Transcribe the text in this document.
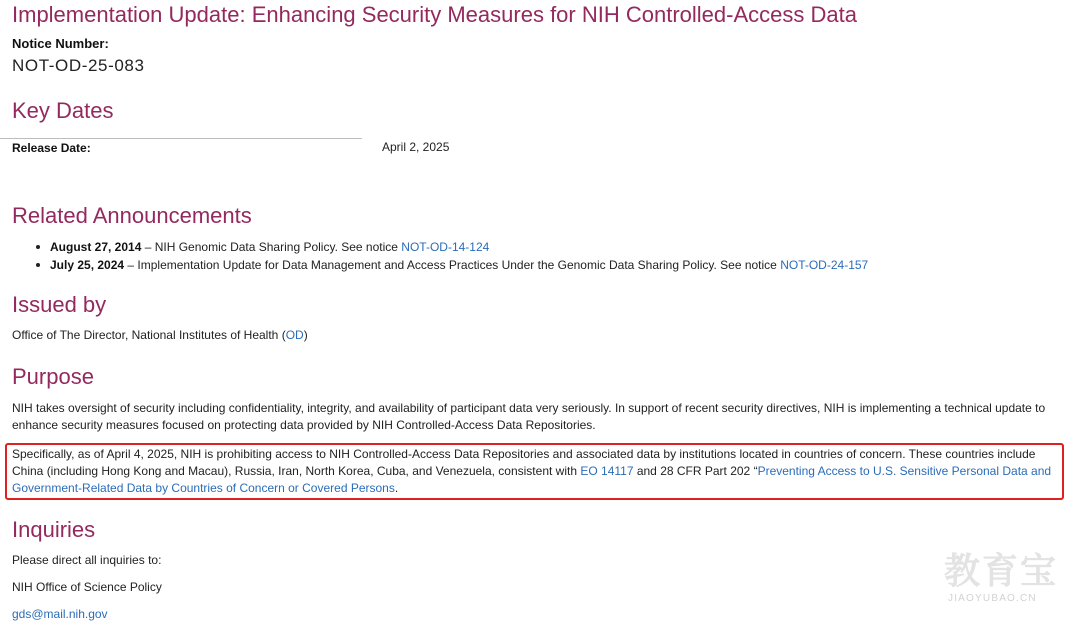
Implementation Update: Enhancing Security Measures for NIH Controlled-Access Data
Notice Number:
NOT-OD-25-083
Key Dates
Release Date:	April 2, 2025
Related Announcements
August 27, 2014 – NIH Genomic Data Sharing Policy. See notice NOT-OD-14-124
July 25, 2024 – Implementation Update for Data Management and Access Practices Under the Genomic Data Sharing Policy. See notice NOT-OD-24-157
Issued by
Office of The Director, National Institutes of Health (OD)
Purpose

NIH takes oversight of security including confidentiality, integrity, and availability of participant data very seriously. In support of recent security directives, NIH is implementing a technical update to enhance security measures focused on protecting data provided by NIH Controlled-Access Data Repositories.

Specifically, as of April 4, 2025, NIH is prohibiting access to NIH Controlled-Access Data Repositories and associated data by institutions located in countries of concern. These countries include China (including Hong Kong and Macau), Russia, Iran, North Korea, Cuba, and Venezuela, consistent with EO 14117 and 28 CFR Part 202 “Preventing Access to U.S. Sensitive Personal Data and Government-Related Data by Countries of Concern or Covered Persons.

Inquiries
Please direct all inquiries to:
NIH Office of Science Policy
gds@mail.nih.gov
教育宝
JIAOYUBAO.CN
